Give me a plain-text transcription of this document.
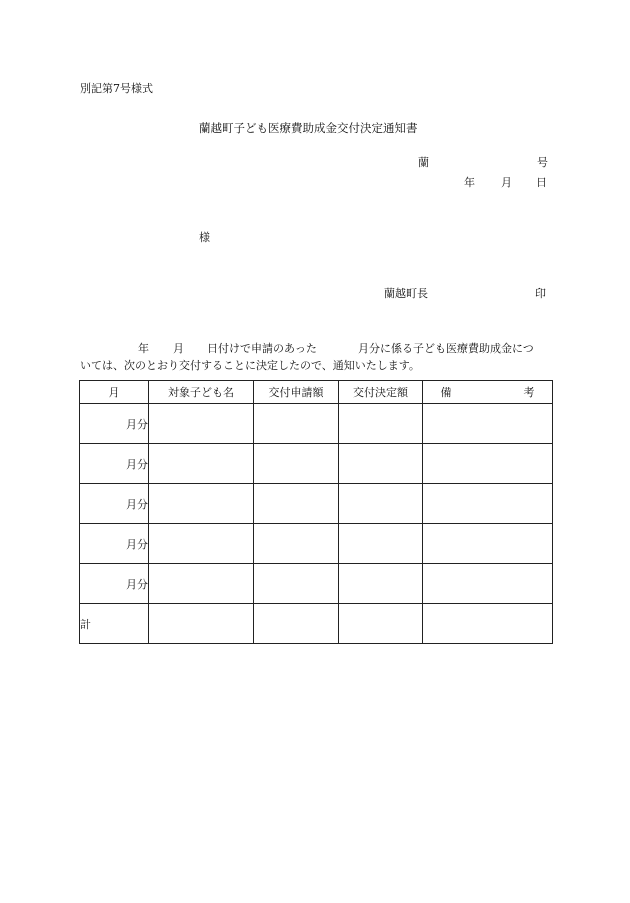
別記第7号様式
蘭越町子ども医療費助成金交付決定通知書
蘭	号
年 月 日
様
蘭越町長	印
年 月 日付けで申請のあった	月分に係る子ども医療費助成金につ
いては、次のとおり交付することに決定したので、通知いたします。
月	対象子ども名	交付申請額	交付決定額	備 考
月分				
月分				
月分				
月分				
月分				
計				
